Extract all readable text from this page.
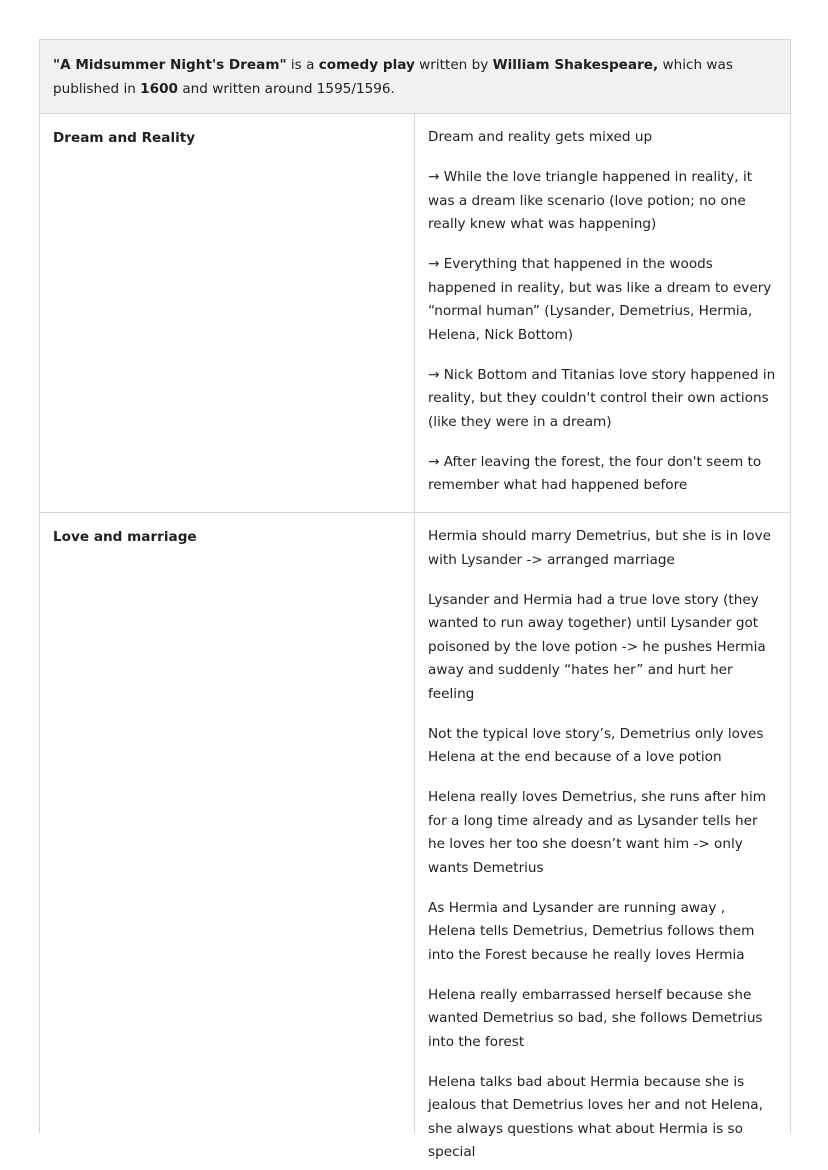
"A Midsummer Night's Dream" is a comedy play written by William Shakespeare, which was published in 1600 and written around 1595/1596.
Dream and Reality	Dream and reality gets mixed up

→ While the love triangle happened in reality, it was a dream like scenario (love potion; no one really knew what was happening)

→ Everything that happened in the woods happened in reality, but was like a dream to every “normal human” (Lysander, Demetrius, Hermia, Helena, Nick Bottom)

→ Nick Bottom and Titanias love story happened in reality, but they couldn't control their own actions (like they were in a dream)

→ After leaving the forest, the four don't seem to remember what had happened before

Love and marriage	Hermia should marry Demetrius, but she is in love with Lysander -> arranged marriage

Lysander and Hermia had a true love story (they wanted to run away together) until Lysander got poisoned by the love potion -> he pushes Hermia away and suddenly “hates her” and hurt her feeling

Not the typical love story’s, Demetrius only loves Helena at the end because of a love potion

Helena really loves Demetrius, she runs after him for a long time already and as Lysander tells her he loves her too she doesn’t want him -> only wants Demetrius

As Hermia and Lysander are running away , Helena tells Demetrius, Demetrius follows them into the Forest because he really loves Hermia

Helena really embarrassed herself because she wanted Demetrius so bad, she follows Demetrius into the forest

Helena talks bad about Hermia because she is jealous that Demetrius loves her and not Helena, she always questions what about Hermia is so special
